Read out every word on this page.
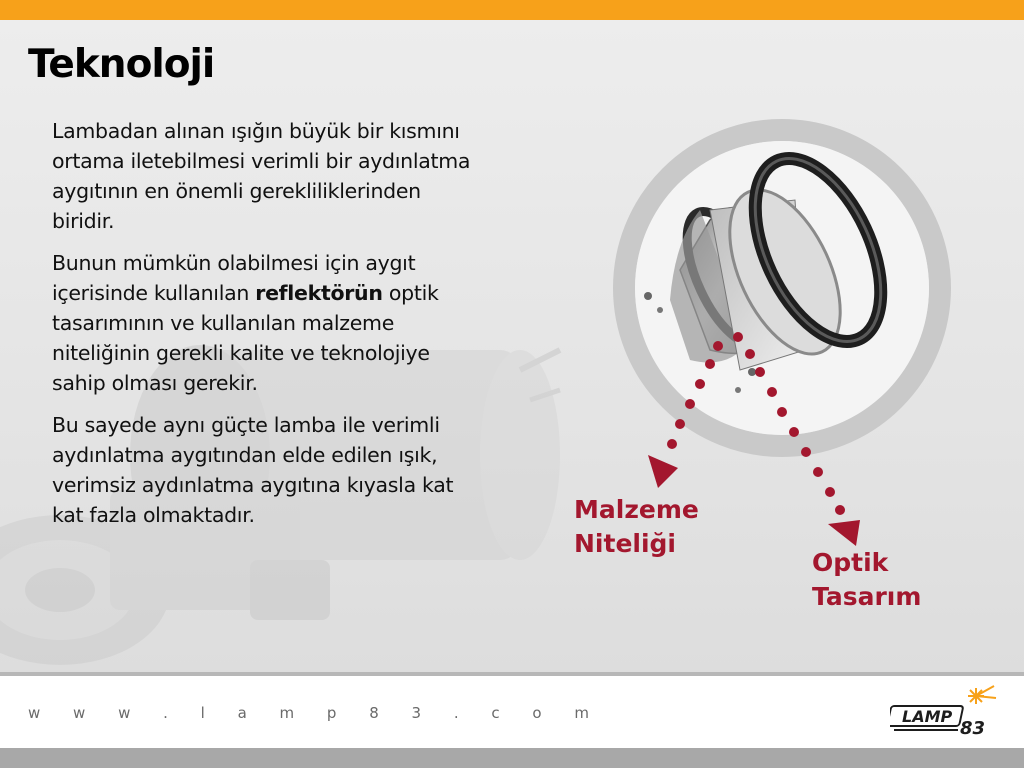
Teknoloji

Lambadan alınan ışığın büyük bir kısmını ortama iletebilmesi verimli bir aydınlatma aygıtının en önemli gerekliliklerinden biridir.

Bunun mümkün olabilmesi için aygıt içerisinde kullanılan reflektörün optik tasarımının ve kullanılan malzeme niteliğinin gerekli kalite ve teknolojiye sahip olması gerekir.

Bu sayede aynı güçte lamba ile verimli aydınlatma aygıtından elde edilen ışık, verimsiz aydınlatma aygıtına kıyasla kat kat fazla olmaktadır.	Malzeme
Niteliği
Optik
Tasarım
w w w . l a m p 8 3 . c o m	LAMP
83
